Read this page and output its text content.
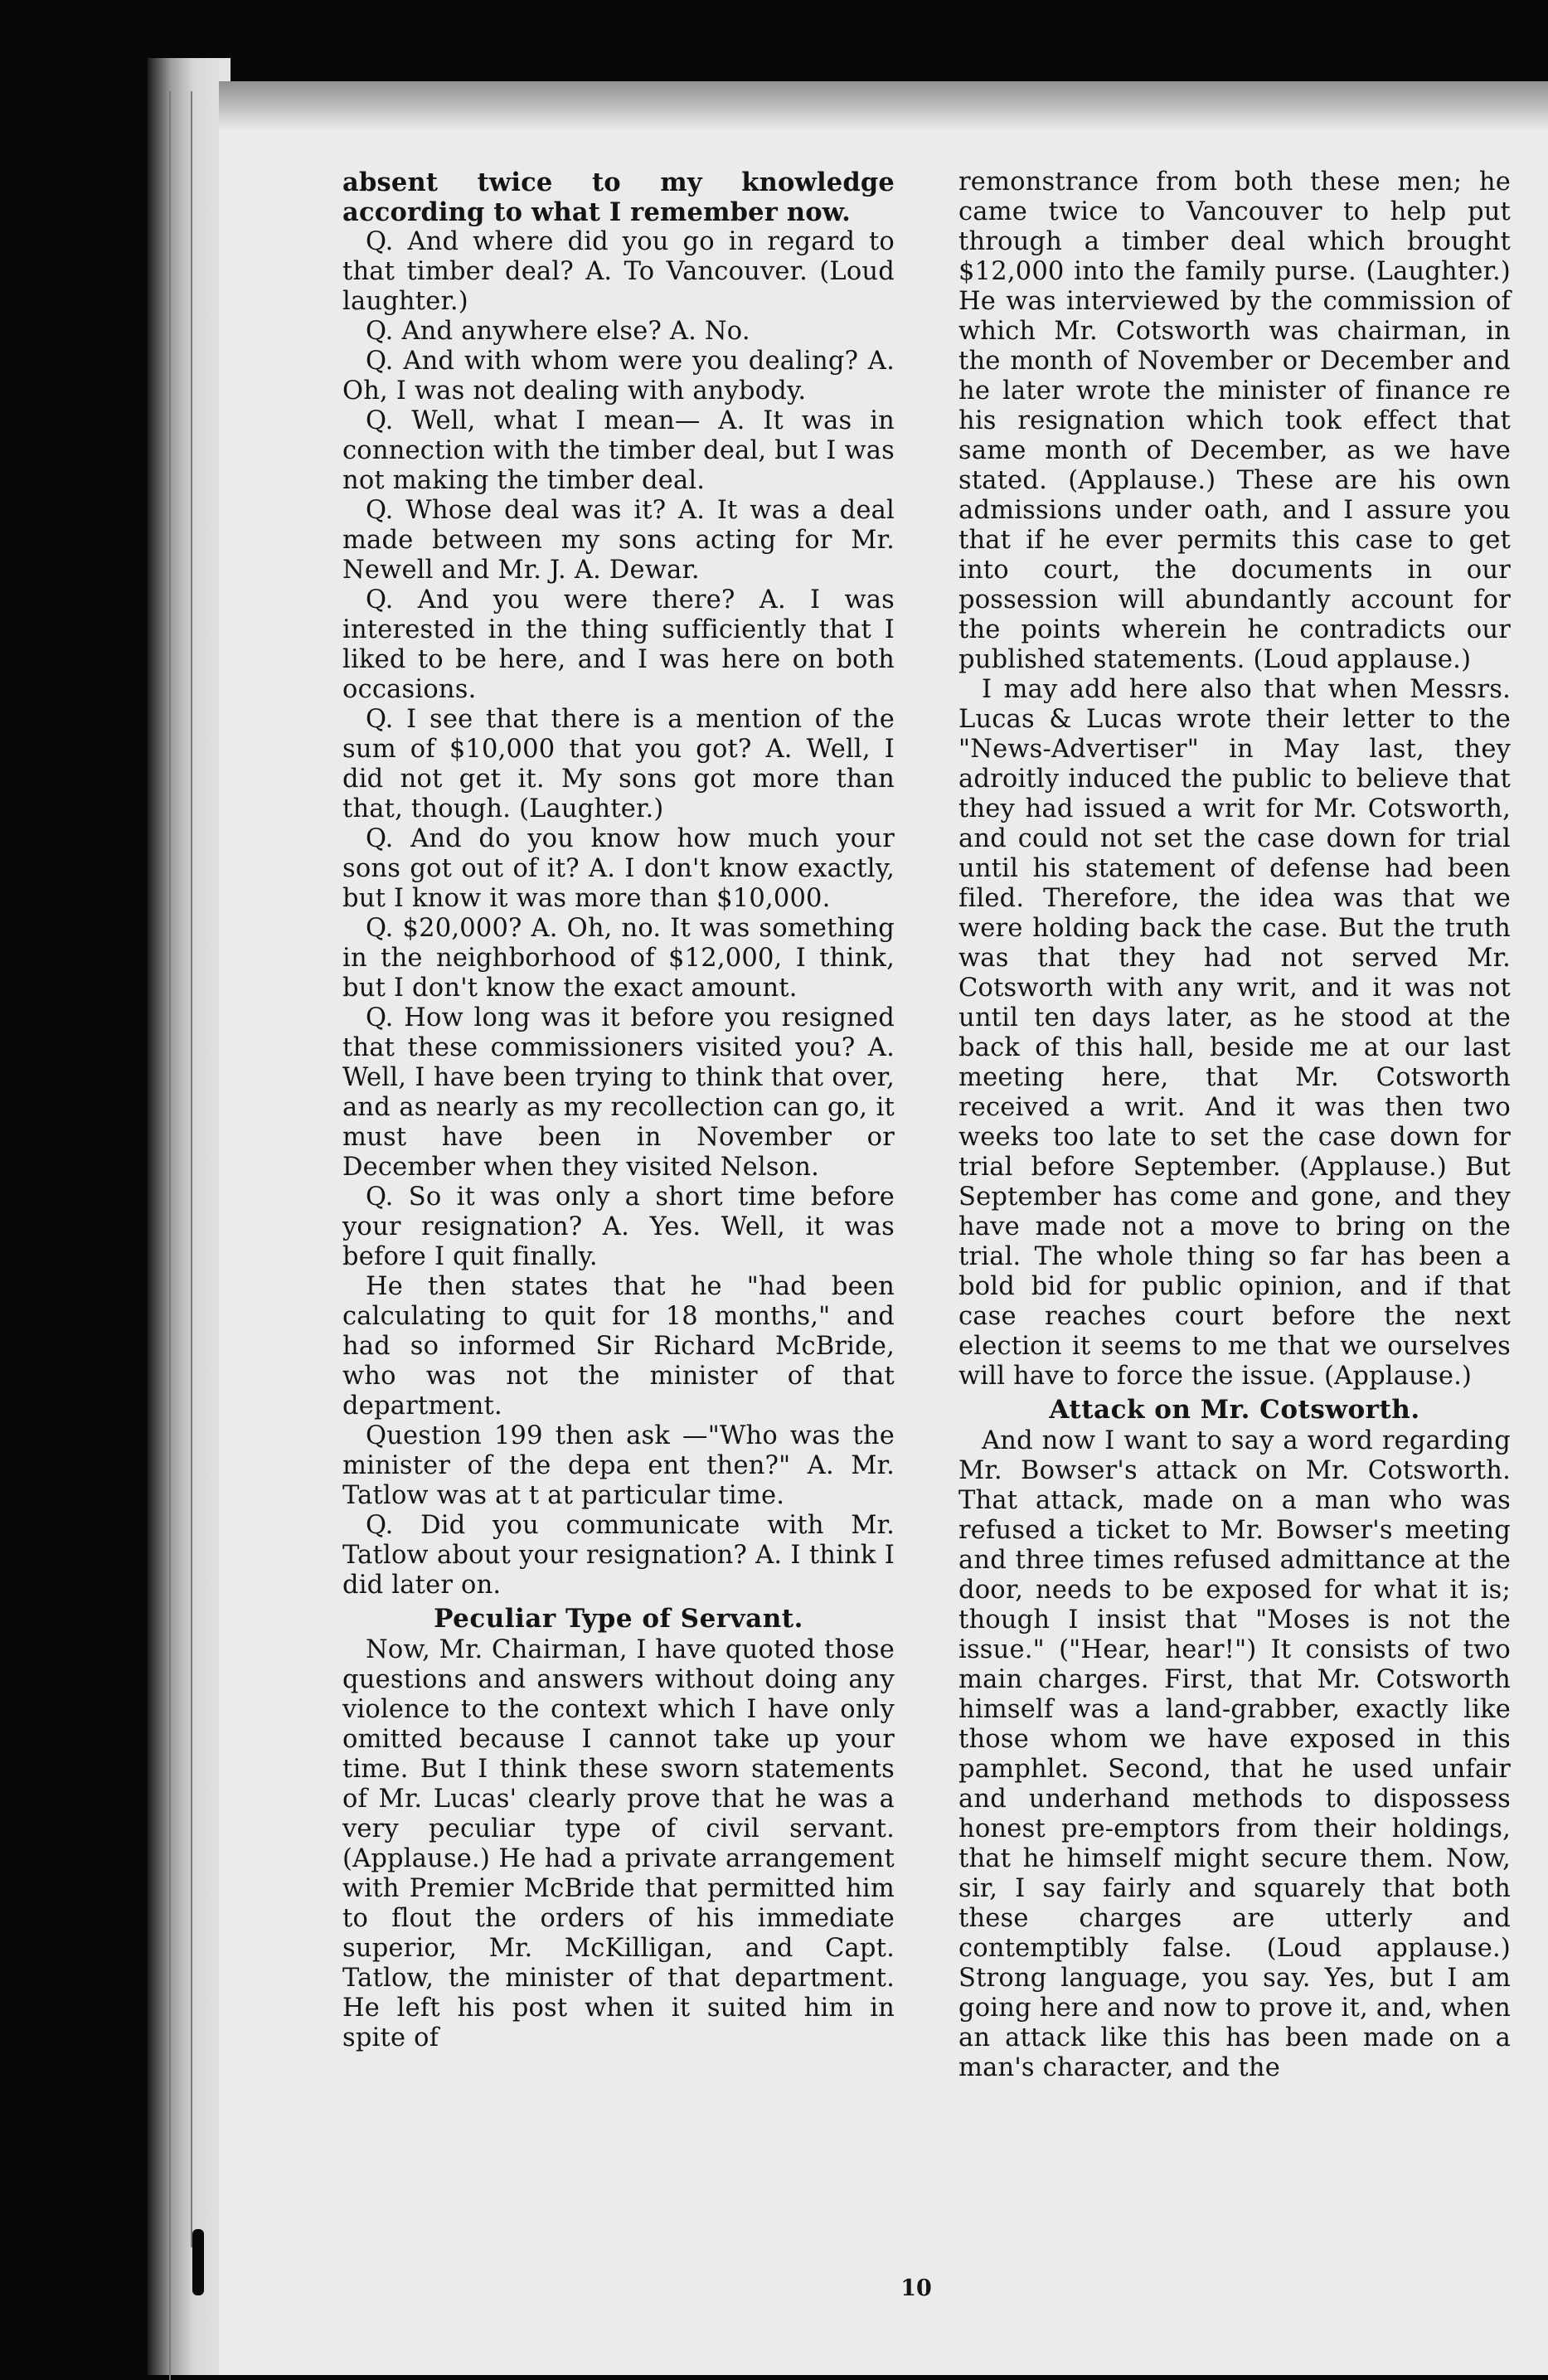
absent twice to my knowledge according to what I remember now.

Q. And where did you go in regard to that timber deal? A. To Vancouver. (Loud laughter.)

Q. And anywhere else? A. No.

Q. And with whom were you dealing? A. Oh, I was not dealing with anybody.

Q. Well, what I mean— A. It was in connection with the timber deal, but I was not making the timber deal.

Q. Whose deal was it? A. It was a deal made between my sons acting for Mr. Newell and Mr. J. A. Dewar.

Q. And you were there? A. I was interested in the thing sufficiently that I liked to be here, and I was here on both occasions.

Q. I see that there is a mention of the sum of $10,000 that you got? A. Well, I did not get it. My sons got more than that, though. (Laughter.)

Q. And do you know how much your sons got out of it? A. I don't know exactly, but I know it was more than $10,000.

Q. $20,000? A. Oh, no. It was something in the neighborhood of $12,000, I think, but I don't know the exact amount.

Q. How long was it before you resigned that these commissioners visited you? A. Well, I have been trying to think that over, and as nearly as my recollection can go, it must have been in November or December when they visited Nelson.

Q. So it was only a short time before your resignation? A. Yes. Well, it was before I quit finally.

He then states that he "had been calculating to quit for 18 months," and had so informed Sir Richard McBride, who was not the minister of that department.

Question 199 then ask —"Who was the minister of the depa ent then?" A. Mr. Tatlow was at t at particular time.

Q. Did you communicate with Mr. Tatlow about your resignation? A. I think I did later on.

Peculiar Type of Servant.

Now, Mr. Chairman, I have quoted those questions and answers without doing any violence to the context which I have only omitted because I cannot take up your time. But I think these sworn statements of Mr. Lucas' clearly prove that he was a very peculiar type of civil servant. (Applause.) He had a private arrangement with Premier McBride that permitted him to flout the orders of his immediate superior, Mr. McKilligan, and Capt. Tatlow, the minister of that department. He left his post when it suited him in spite of

remonstrance from both these men; he came twice to Vancouver to help put through a timber deal which brought $12,000 into the family purse. (Laughter.) He was interviewed by the commission of which Mr. Cotsworth was chairman, in the month of November or December and he later wrote the minister of finance re his resignation which took effect that same month of December, as we have stated. (Applause.) These are his own admissions under oath, and I assure you that if he ever permits this case to get into court, the documents in our possession will abundantly account for the points wherein he contradicts our published statements. (Loud applause.)

I may add here also that when Messrs. Lucas & Lucas wrote their letter to the "News-Advertiser" in May last, they adroitly induced the public to believe that they had issued a writ for Mr. Cotsworth, and could not set the case down for trial until his statement of defense had been filed. Therefore, the idea was that we were holding back the case. But the truth was that they had not served Mr. Cotsworth with any writ, and it was not until ten days later, as he stood at the back of this hall, beside me at our last meeting here, that Mr. Cotsworth received a writ. And it was then two weeks too late to set the case down for trial before September. (Applause.) But September has come and gone, and they have made not a move to bring on the trial. The whole thing so far has been a bold bid for public opinion, and if that case reaches court before the next election it seems to me that we ourselves will have to force the issue. (Applause.)

Attack on Mr. Cotsworth.

And now I want to say a word regarding Mr. Bowser's attack on Mr. Cotsworth. That attack, made on a man who was refused a ticket to Mr. Bowser's meeting and three times refused admittance at the door, needs to be exposed for what it is; though I insist that "Moses is not the issue." ("Hear, hear!") It consists of two main charges. First, that Mr. Cotsworth himself was a land-grabber, exactly like those whom we have exposed in this pamphlet. Second, that he used unfair and underhand methods to dispossess honest pre-emptors from their holdings, that he himself might secure them. Now, sir, I say fairly and squarely that both these charges are utterly and contemptibly false. (Loud applause.) Strong language, you say. Yes, but I am going here and now to prove it, and, when an attack like this has been made on a man's character, and the

10
